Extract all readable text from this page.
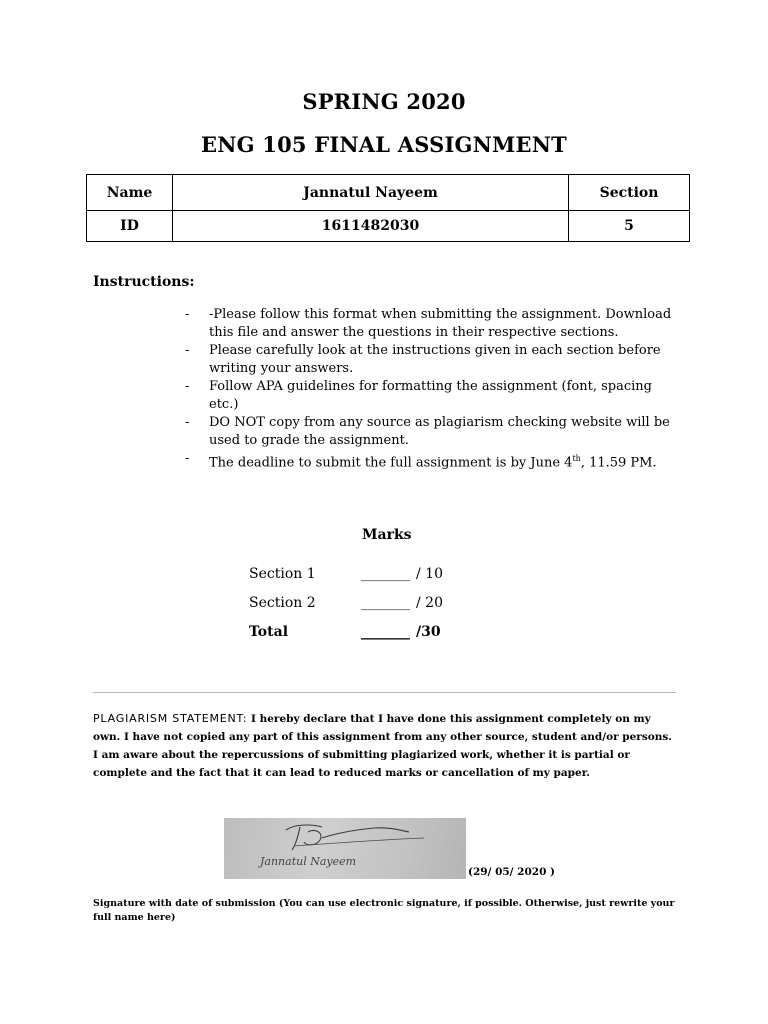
SPRING 2020
ENG 105 FINAL ASSIGNMENT
Name	Jannatul Nayeem	Section
ID	1611482030	5
Instructions:
- -Please follow this format when submitting the assignment. Download this file and answer the questions in their respective sections.
- Please carefully look at the instructions given in each section before writing your answers.
- Follow APA guidelines for formatting the assignment (font, spacing etc.)
- DO NOT copy from any source as plagiarism checking website will be used to grade the assignment.
- The deadline to submit the full assignment is by June 4th, 11.59 PM.
Marks
Section 1	_______ / 10
Section 2	_______ / 20
Total	_______ /30
PLAGIARISM STATEMENT: I hereby declare that I have done this assignment completely on my own. I have not copied any part of this assignment from any other source, student and/or persons. I am aware about the repercussions of submitting plagiarized work, whether it is partial or complete and the fact that it can lead to reduced marks or cancellation of my paper.
Jannatul Nayeem
(29/ 05/ 2020 )
Signature with date of submission (You can use electronic signature, if possible. Otherwise, just rewrite your full name here)
